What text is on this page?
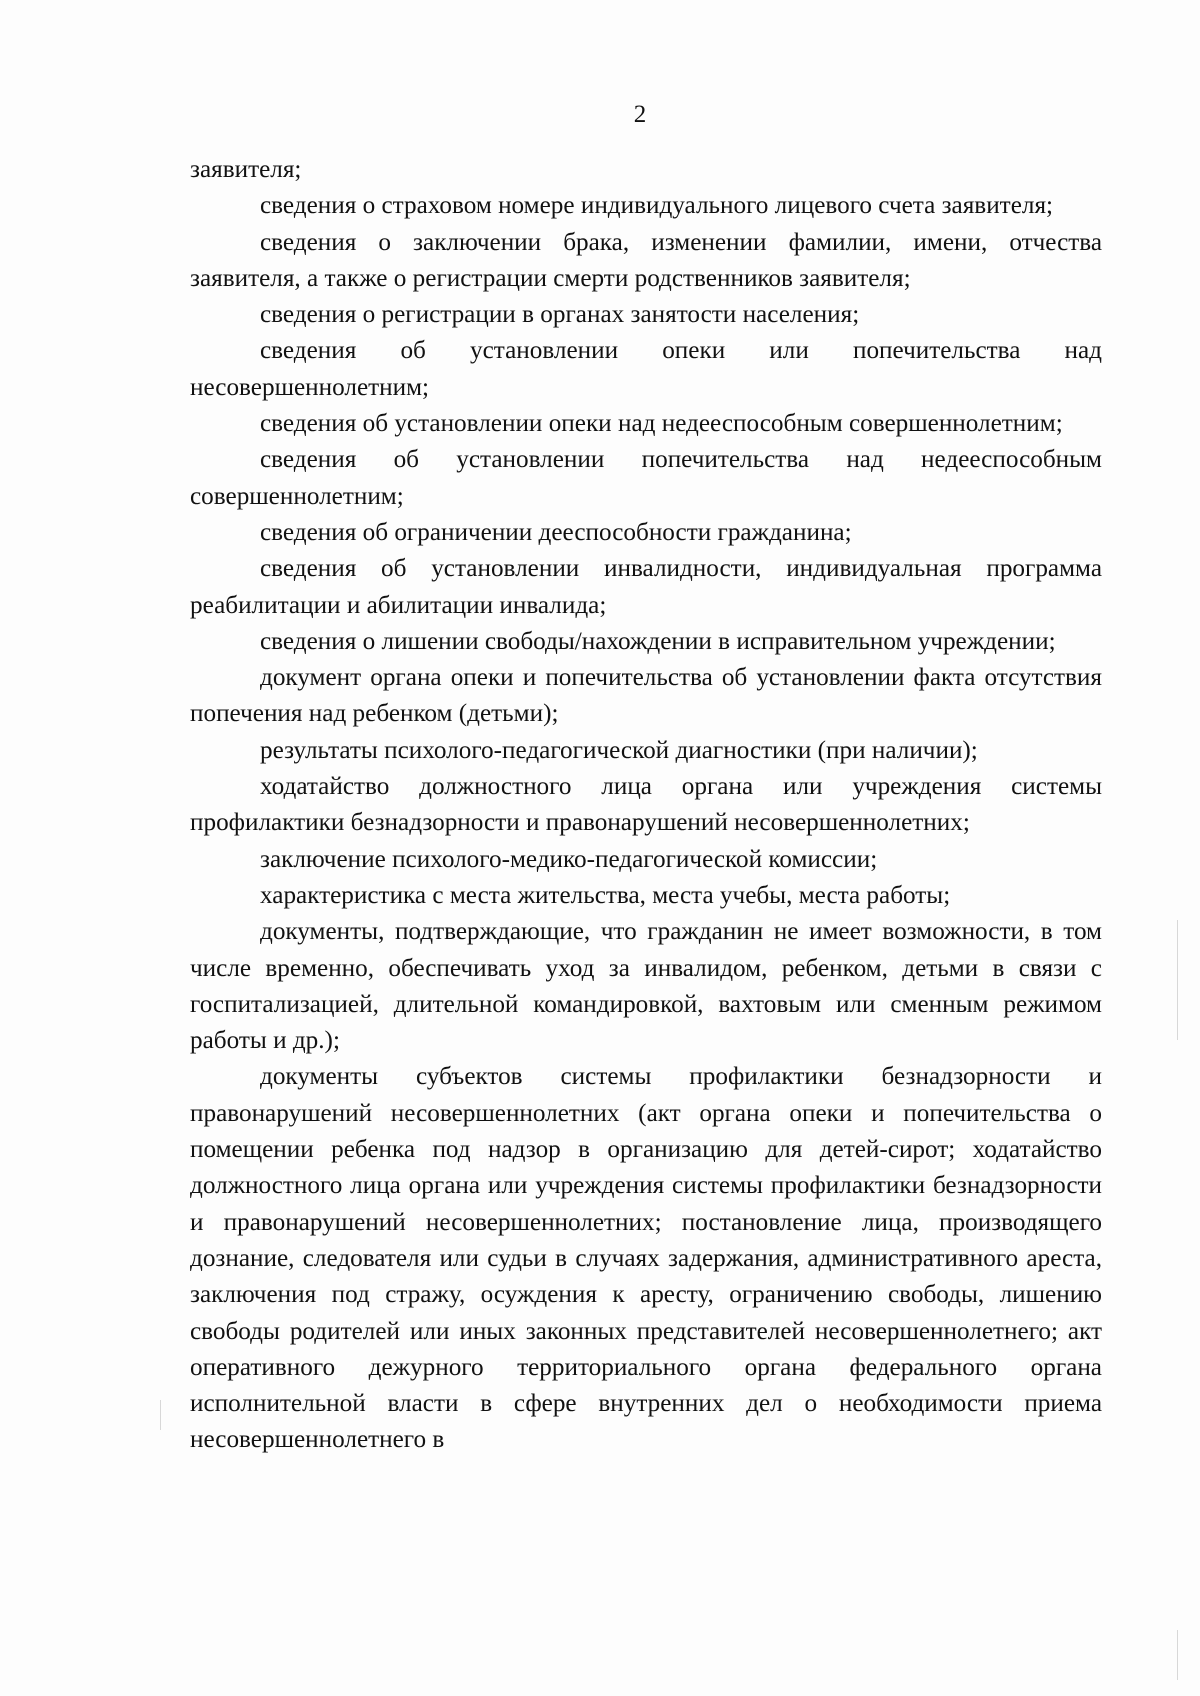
2

заявителя;

сведения о страховом номере индивидуального лицевого счета заявителя;

сведения о заключении брака, изменении фамилии, имени, отчества заявителя, а также о регистрации смерти родственников заявителя;

сведения о регистрации в органах занятости населения;

сведения об установлении опеки или попечительства над несовершеннолетним;

сведения об установлении опеки над недееспособным совершеннолетним;

сведения об установлении попечительства над недееспособным совершеннолетним;

сведения об ограничении дееспособности гражданина;

сведения об установлении инвалидности, индивидуальная программа реабилитации и абилитации инвалида;

сведения о лишении свободы/нахождении в исправительном учреждении;

документ органа опеки и попечительства об установлении факта отсутствия попечения над ребенком (детьми);

результаты психолого-педагогической диагностики (при наличии);

ходатайство должностного лица органа или учреждения системы профилактики безнадзорности и правонарушений несовершеннолетних;

заключение психолого-медико-педагогической комиссии;

характеристика с места жительства, места учебы, места работы;

документы, подтверждающие, что гражданин не имеет возможности, в том числе временно, обеспечивать уход за инвалидом, ребенком, детьми в связи с госпитализацией, длительной командировкой, вахтовым или сменным режимом работы и др.);

документы субъектов системы профилактики безнадзорности и правонарушений несовершеннолетних (акт органа опеки и попечительства о помещении ребенка под надзор в организацию для детей-сирот; ходатайство должностного лица органа или учреждения системы профилактики безнадзорности и правонарушений несовершеннолетних; постановление лица, производящего дознание, следователя или судьи в случаях задержания, административного ареста, заключения под стражу, осуждения к аресту, ограничению свободы, лишению свободы родителей или иных законных представителей несовершеннолетнего; акт оперативного дежурного территориального органа федерального органа исполнительной власти в сфере внутренних дел о необходимости приема несовершеннолетнего в
